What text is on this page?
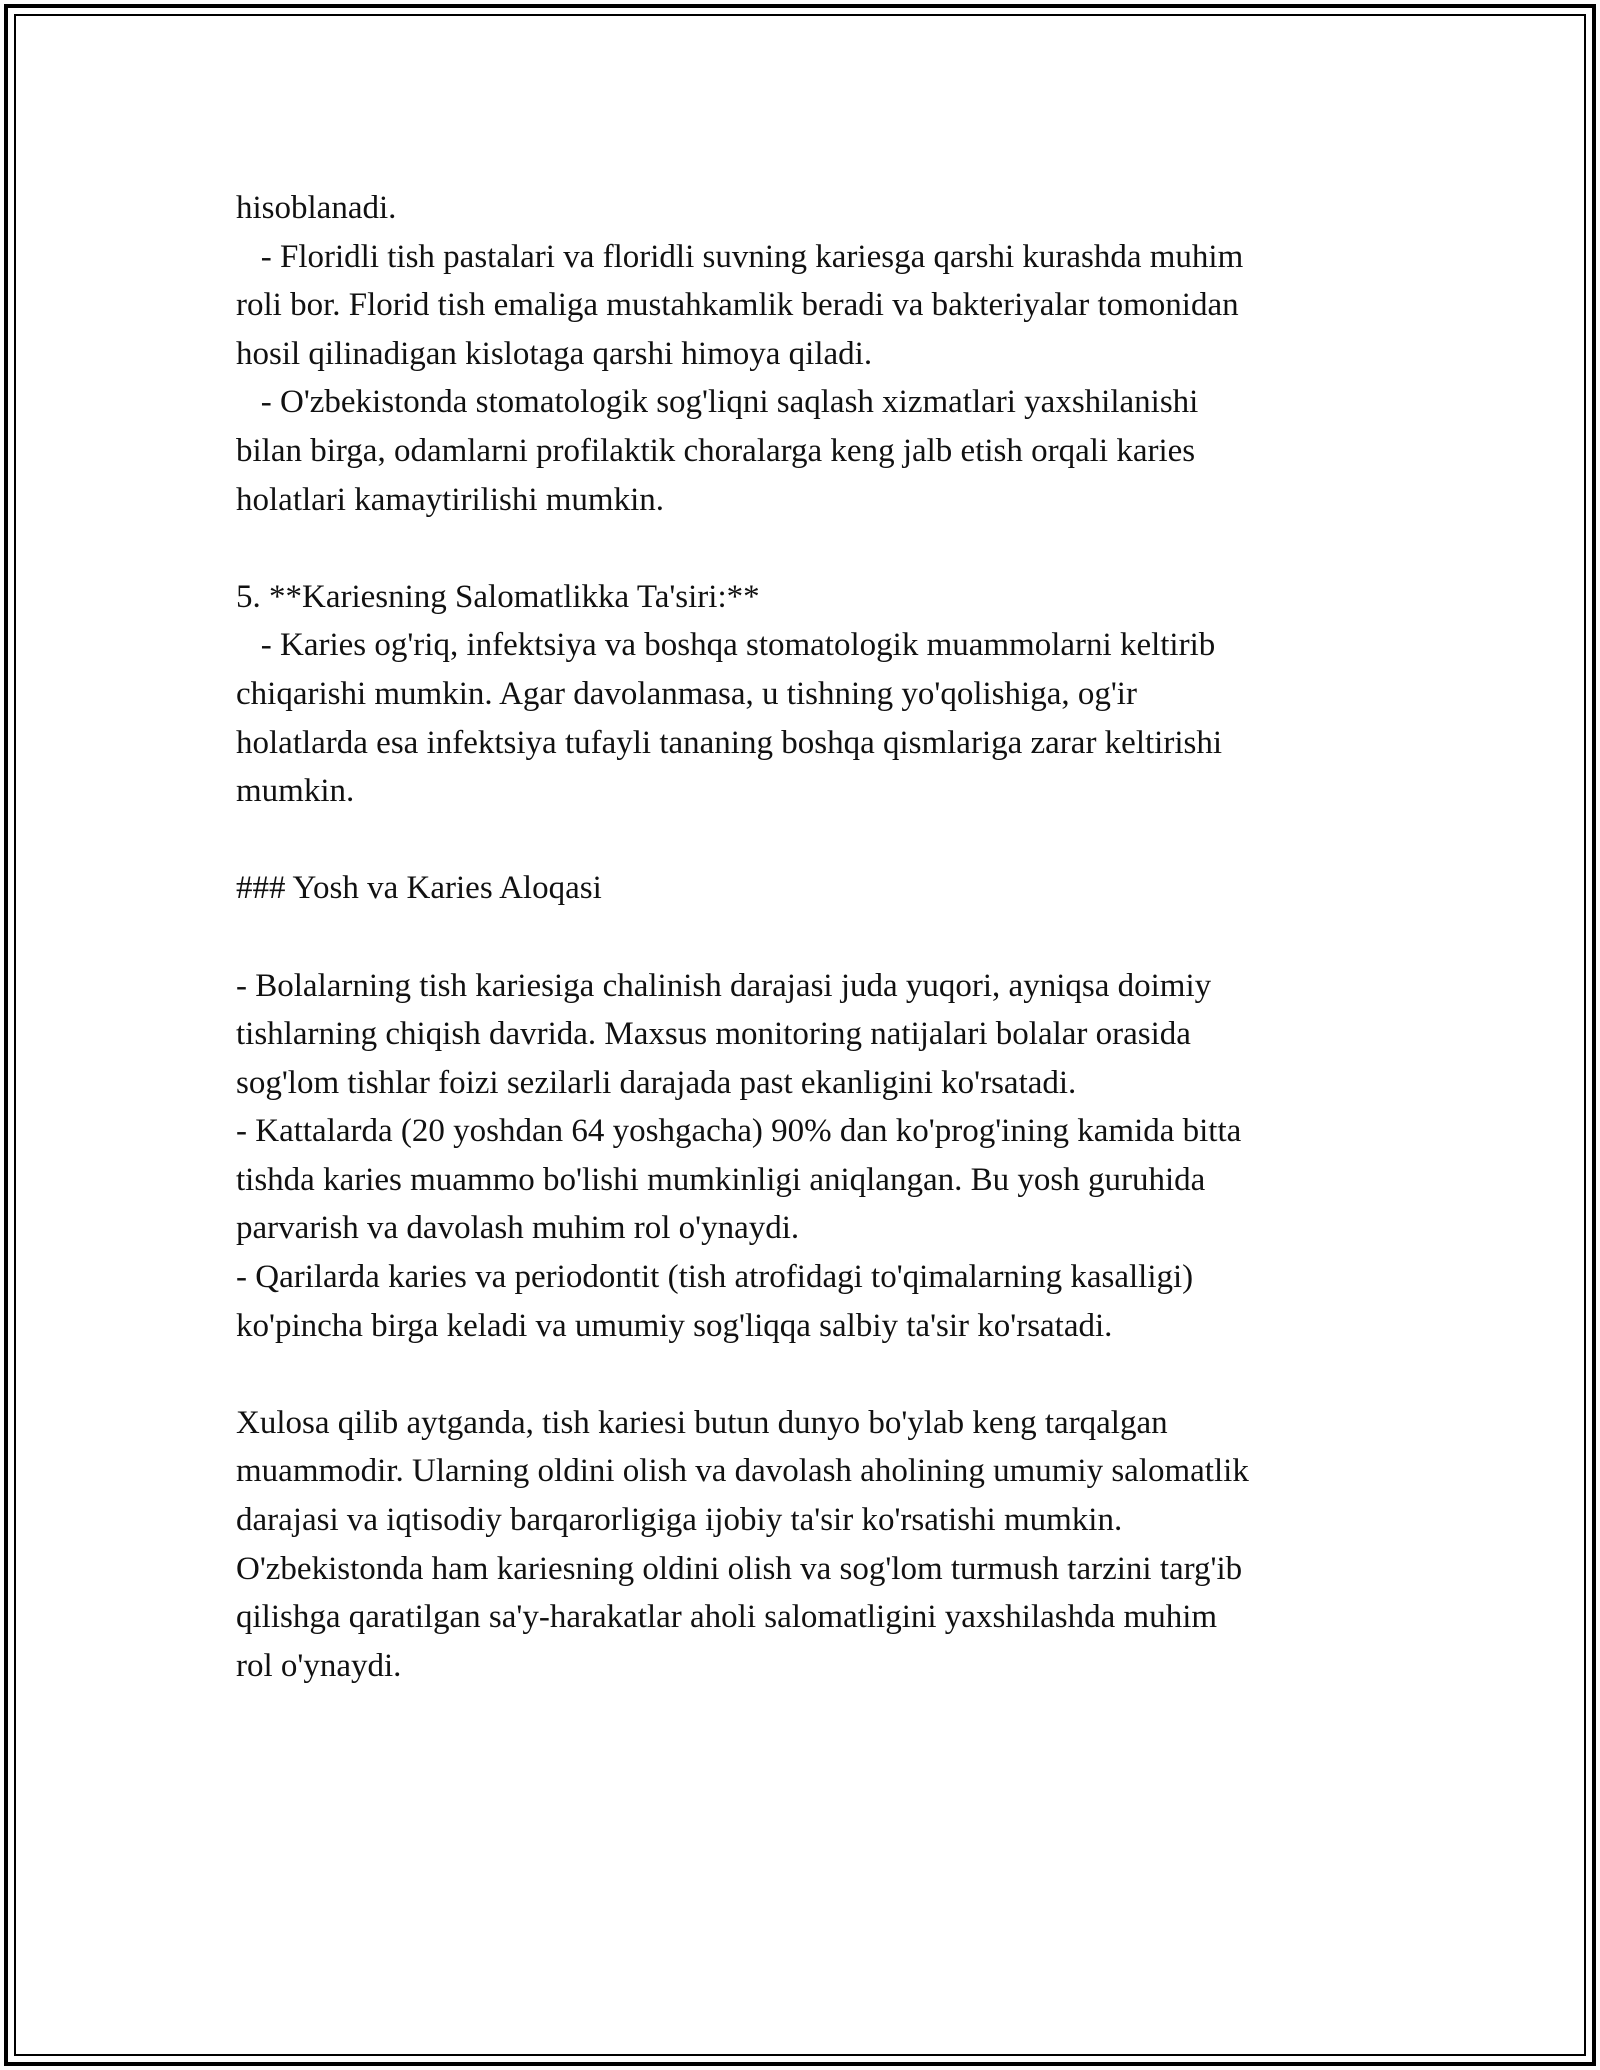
hisoblanadi.
- Floridli tish pastalari va floridli suvning kariesga qarshi kurashda muhim
roli bor. Florid tish emaliga mustahkamlik beradi va bakteriyalar tomonidan
hosil qilinadigan kislotaga qarshi himoya qiladi.
- O'zbekistonda stomatologik sog'liqni saqlash xizmatlari yaxshilanishi
bilan birga, odamlarni profilaktik choralarga keng jalb etish orqali karies
holatlari kamaytirilishi mumkin.
5. **Kariesning Salomatlikka Ta'siri:**
- Karies og'riq, infektsiya va boshqa stomatologik muammolarni keltirib
chiqarishi mumkin. Agar davolanmasa, u tishning yo'qolishiga, og'ir
holatlarda esa infektsiya tufayli tananing boshqa qismlariga zarar keltirishi
mumkin.
### Yosh va Karies Aloqasi
- Bolalarning tish kariesiga chalinish darajasi juda yuqori, ayniqsa doimiy
tishlarning chiqish davrida. Maxsus monitoring natijalari bolalar orasida
sog'lom tishlar foizi sezilarli darajada past ekanligini ko'rsatadi.
- Kattalarda (20 yoshdan 64 yoshgacha) 90% dan ko'prog'ining kamida bitta
tishda karies muammo bo'lishi mumkinligi aniqlangan. Bu yosh guruhida
parvarish va davolash muhim rol o'ynaydi.
- Qarilarda karies va periodontit (tish atrofidagi to'qimalarning kasalligi)
ko'pincha birga keladi va umumiy sog'liqqa salbiy ta'sir ko'rsatadi.
Xulosa qilib aytganda, tish kariesi butun dunyo bo'ylab keng tarqalgan
muammodir. Ularning oldini olish va davolash aholining umumiy salomatlik
darajasi va iqtisodiy barqarorligiga ijobiy ta'sir ko'rsatishi mumkin.
O'zbekistonda ham kariesning oldini olish va sog'lom turmush tarzini targ'ib
qilishga qaratilgan sa'y-harakatlar aholi salomatligini yaxshilashda muhim
rol o'ynaydi.
